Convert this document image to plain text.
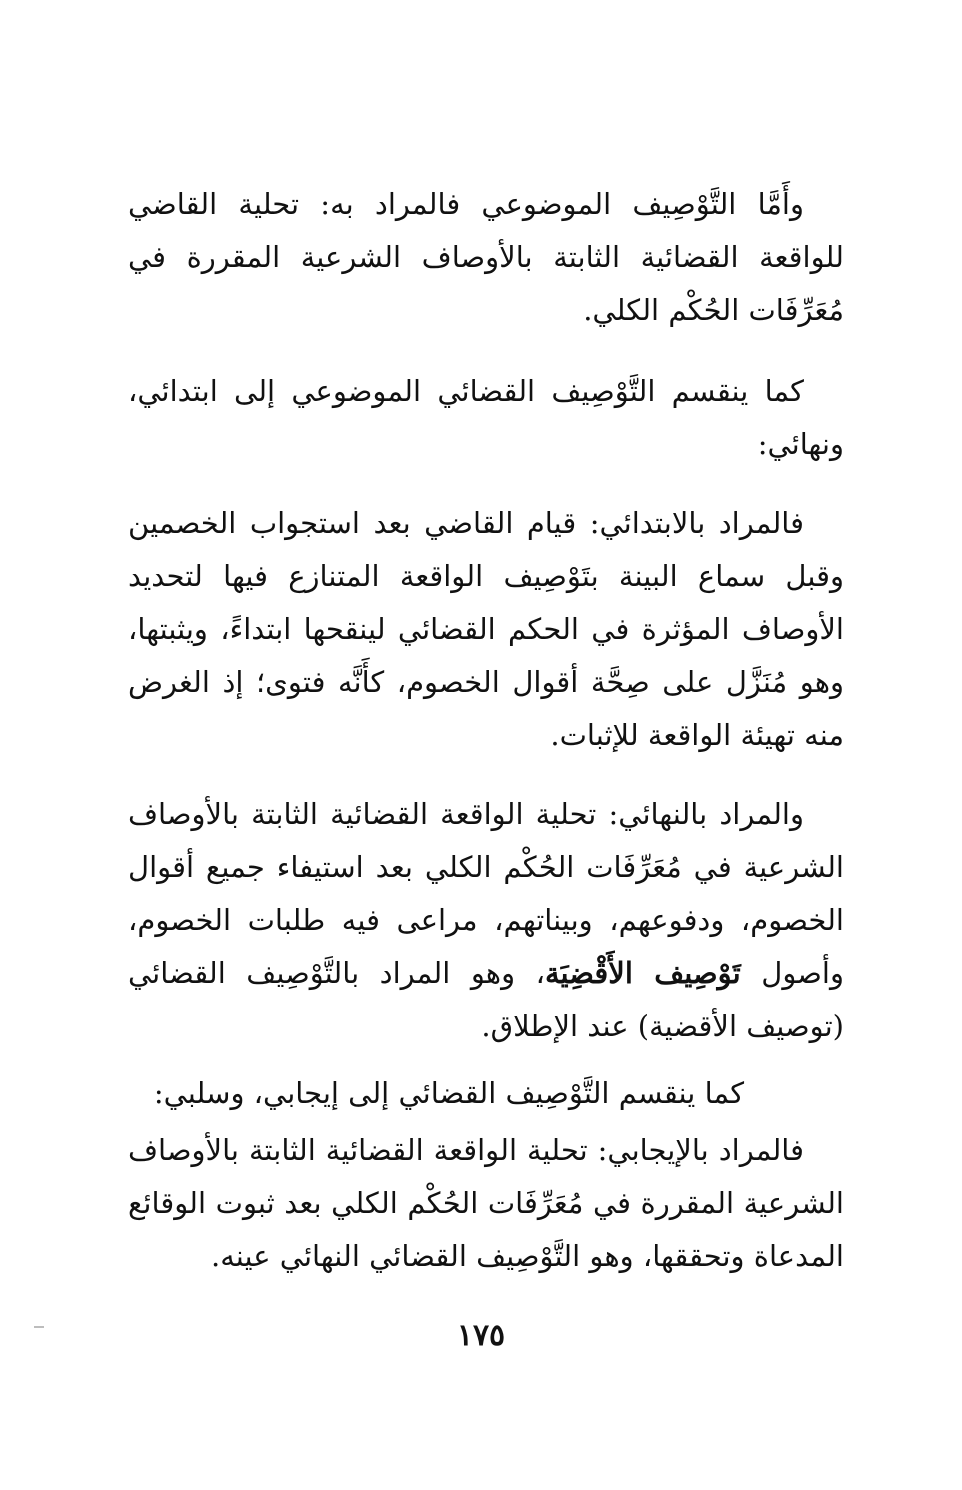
وأَمَّا التَّوْصِيف الموضوعي فالمراد به: تحلية القاضي للواقعة القضائية الثابتة بالأوصاف الشرعية المقررة في مُعَرِّفَات الحُكْم الكلي.

كما ينقسم التَّوْصِيف القضائي الموضوعي إلى ابتدائي، ونهائي:

فالمراد بالابتدائي: قيام القاضي بعد استجواب الخصمين وقبل سماع البينة بتَوْصِيف الواقعة المتنازع فيها لتحديد الأوصاف المؤثرة في الحكم القضائي لينقحها ابتداءً، ويثبتها، وهو مُنَزَّل على صِحَّة أقوال الخصوم، كأَنَّه فتوى؛ إذ الغرض منه تهيئة الواقعة للإثبات.

والمراد بالنهائي: تحلية الواقعة القضائية الثابتة بالأوصاف الشرعية في مُعَرِّفَات الحُكْم الكلي بعد استيفاء جميع أقوال الخصوم، ودفوعهم، وبيناتهم، مراعى فيه طلبات الخصوم، وأصول تَوْصِيف الأَقْضِيَة، وهو المراد بالتَّوْصِيف القضائي (توصيف الأقضية) عند الإطلاق.

كما ينقسم التَّوْصِيف القضائي إلى إيجابي، وسلبي:

فالمراد بالإيجابي: تحلية الواقعة القضائية الثابتة بالأوصاف الشرعية المقررة في مُعَرِّفَات الحُكْم الكلي بعد ثبوت الوقائع المدعاة وتحققها، وهو التَّوْصِيف القضائي النهائي عينه.

١٧٥
